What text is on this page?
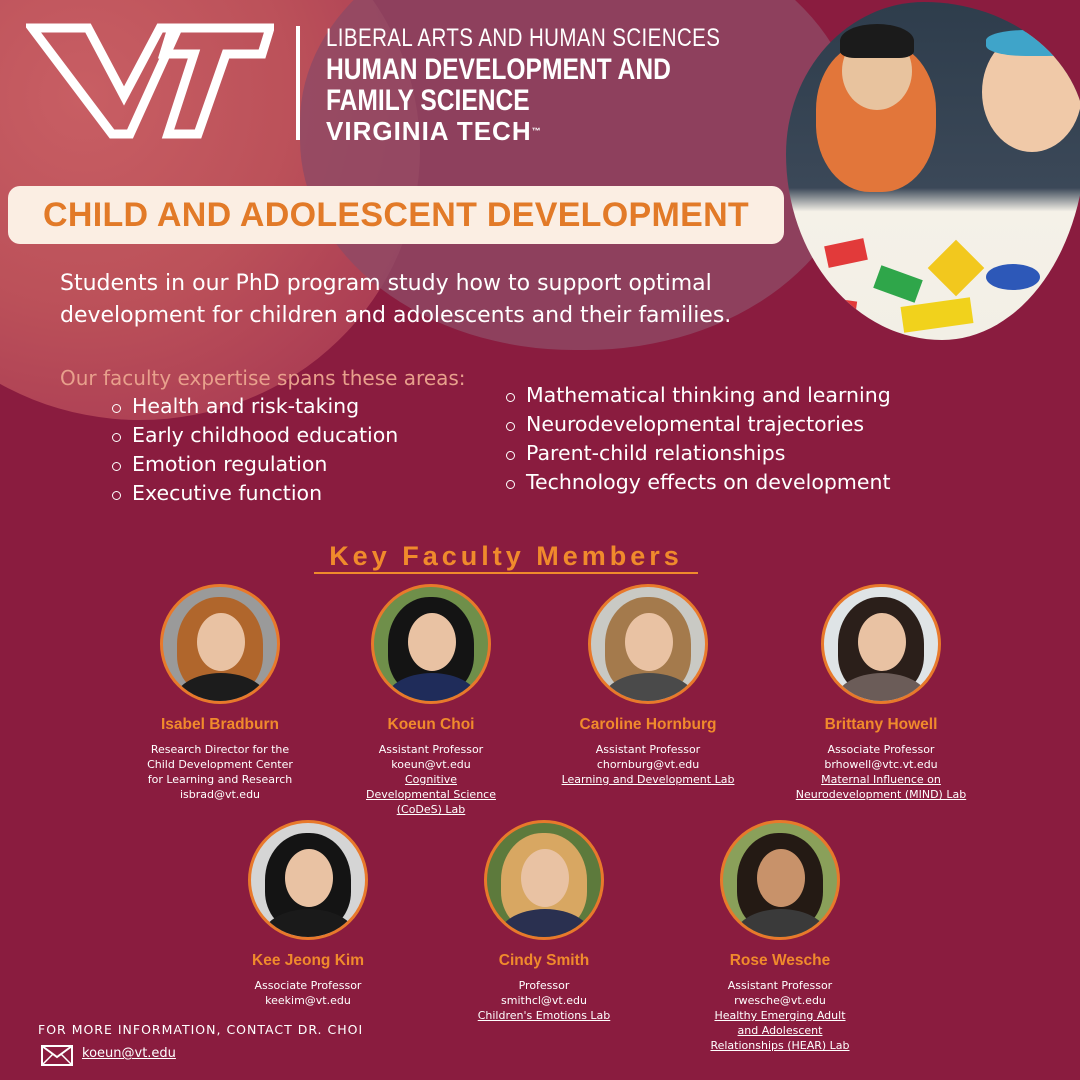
LIBERAL ARTS AND HUMAN SCIENCES
HUMAN DEVELOPMENT AND
FAMILY SCIENCE
VIRGINIA TECH™
CHILD AND ADOLESCENT DEVELOPMENT
Students in our PhD program study how to support optimal development for children and adolescents and their families.
Our faculty expertise spans these areas:
Health and risk-taking
Early childhood education
Emotion regulation
Executive function
Mathematical thinking and learning
Neurodevelopmental trajectories
Parent-child relationships
Technology effects on development
Key Faculty Members
Isabel Bradburn
Research Director for the
Child Development Center
for Learning and Research
isbrad@vt.edu
Koeun Choi
Assistant Professor
koeun@vt.edu
Cognitive Developmental Science (CoDeS) Lab
Caroline Hornburg
Assistant Professor
chornburg@vt.edu
Learning and Development Lab
Brittany Howell
Associate Professor
brhowell@vtc.vt.edu
Maternal Influence on Neurodevelopment (MIND) Lab
Kee Jeong Kim
Associate Professor
keekim@vt.edu
Cindy Smith
Professor
smithcl@vt.edu
Children's Emotions Lab
Rose Wesche
Assistant Professor
rwesche@vt.edu
Healthy Emerging Adult and Adolescent Relationships (HEAR) Lab
FOR MORE INFORMATION, CONTACT DR. CHOI
koeun@vt.edu
